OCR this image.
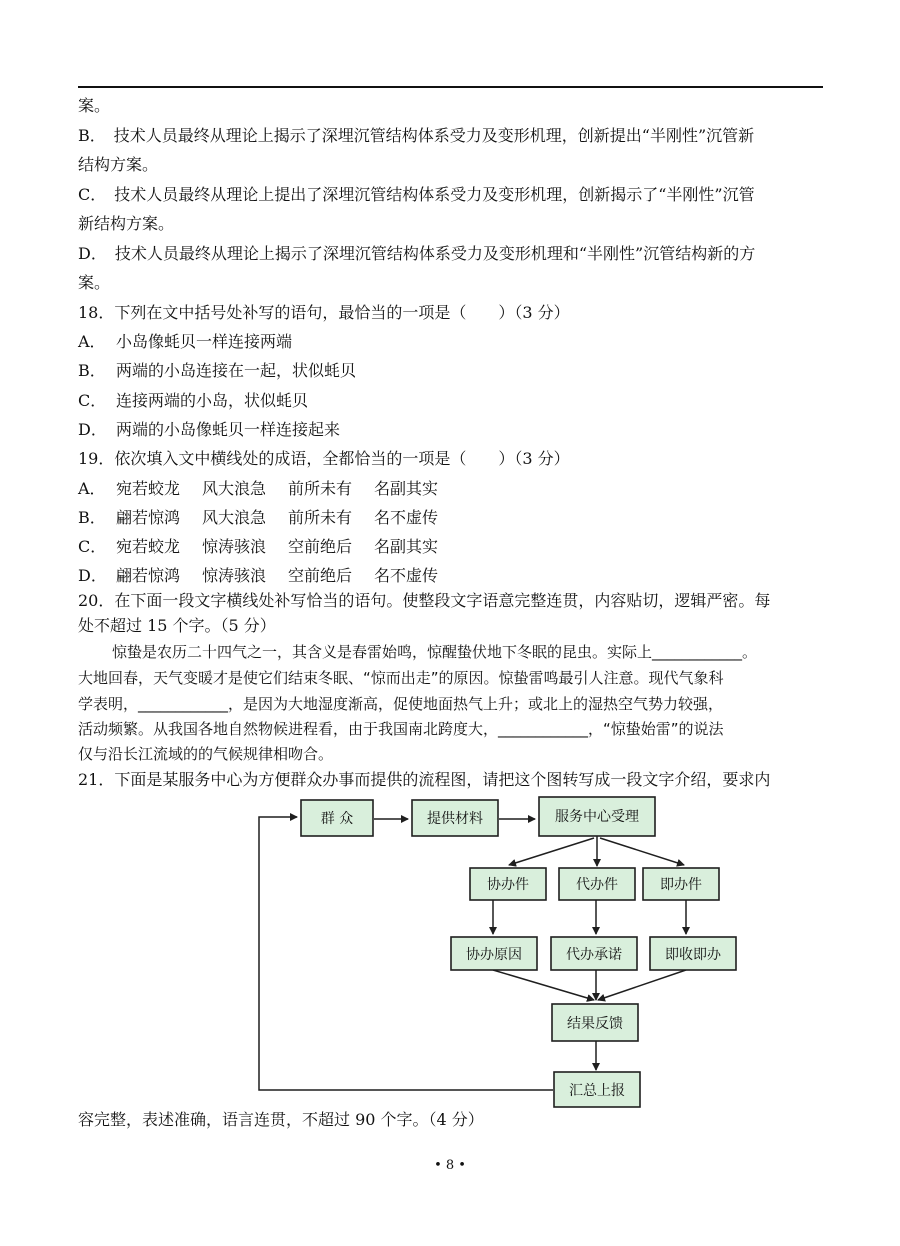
案。
B．　技术人员最终从理论上揭示了深埋沉管结构体系受力及变形机理，创新提出“半刚性”沉管新
结构方案。
C．　技术人员最终从理论上提出了深埋沉管结构体系受力及变形机理，创新揭示了“半刚性”沉管
新结构方案。
D．　技术人员最终从理论上揭示了深埋沉管结构体系受力及变形机理和“半刚性”沉管结构新的方
案。
18．下列在文中括号处补写的语句，最恰当的一项是（　　）（3 分）
A． 小岛像蚝贝一样连接两端
B． 两端的小岛连接在一起，状似蚝贝
C． 连接两端的小岛，状似蚝贝
D． 两端的小岛像蚝贝一样连接起来
19．依次填入文中横线处的成语，全都恰当的一项是（　　）（3 分）
A． 宛若蛟龙 风大浪急 前所未有 名副其实
B． 翩若惊鸿 风大浪急 前所未有 名不虚传
C． 宛若蛟龙 惊涛骇浪 空前绝后 名副其实
D． 翩若惊鸿 惊涛骇浪 空前绝后 名不虚传
20．在下面一段文字横线处补写恰当的语句。使整段文字语意完整连贯，内容贴切，逻辑严密。每
处不超过 15 个字。（5 分）
惊蛰是农历二十四气之一，其含义是春雷始鸣，惊醒蛰伏地下冬眠的昆虫。实际上____________。
大地回春，天气变暖才是使它们结束冬眠、“惊而出走”的原因。惊蛰雷鸣最引人注意。现代气象科
学表明，____________，是因为大地湿度渐高，促使地面热气上升；或北上的湿热空气势力较强，
活动频繁。从我国各地自然物候进程看，由于我国南北跨度大，____________，“惊蛰始雷”的说法
仅与沿长江流域的的气候规律相吻合。
21．下面是某服务中心为方便群众办事而提供的流程图，请把这个图转写成一段文字介绍，要求内
群 众	提供材料	服务中心受理
协办件	代办件	即办件
协办原因	代办承诺	即收即办
结果反馈
汇总上报
容完整，表述准确，语言连贯，不超过 90 个字。（4 分）
• 8 •
